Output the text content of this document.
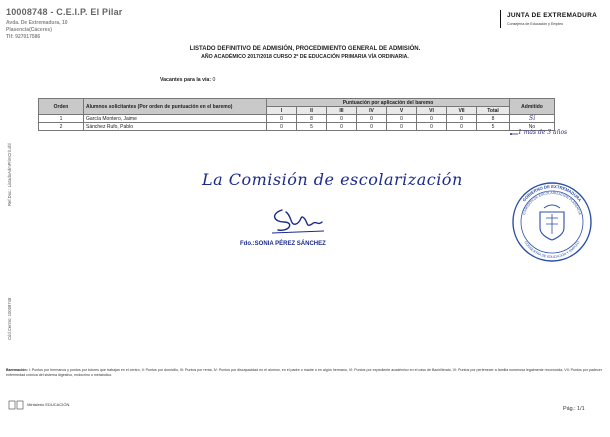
10008748 - C.E.I.P. El Pilar
Avda. De Extremadura, 10
Plasencia(Cáceres)
Tlf: 927017586
JUNTA DE EXTREMADURA
Consejería de Educación y Empleo
LISTADO DEFINITIVO DE ADMISIÓN, PROCEDIMIENTO GENERAL DE ADMISIÓN.
AÑO ACADÉMICO 2017/2018 CURSO 2º DE EDUCACIÓN PRIMARIA VÍA ORDINARIA.
Vacantes para la vía: 0
Orden	Alumnos solicitantes (Por orden de puntuación en el baremo)	Puntuación por aplicación del baremo								Admitido
		I	II	III	IV	V	VI	VII	Total	
1	García Montero, Jaime	0	8	0	0	0	0	0	8	Sí
2	Sánchez Rufo, Pablo	0	5	0	0	0	0	0	5	No
1 más de 3 años
Ref.Doc.: ListadoAdmPrimCrit.xfd
Cód.Centro: 10008748
La Comisión de escolarización
Fdo.:SONIA PÉREZ SÁNCHEZ
GOBIERNO DE EXTREMADURA
COMISIÓN DE ESCOLARIZACIÓN PLASENCIA
CONSEJERÍA DE EDUCACIÓN Y EMPLEO
Baremación: I: Puntos por hermanos y puntos por tutores que trabajan en el centro, II: Puntos por domicilio, III: Puntos por renta, IV: Puntos por discapacidad en el alumno, en el padre o madre o en algún hermano, VI: Puntos por expediente académico en el caso de Bachillerato, VI: Puntos por pertenecer a familia numerosa legalmente reconocida, VII: Puntos por padecer enfermedad crónica del sistema digestivo, endocrino o metabólico.
Ministerio EDUCACIÓN
Pág.: 1/1
